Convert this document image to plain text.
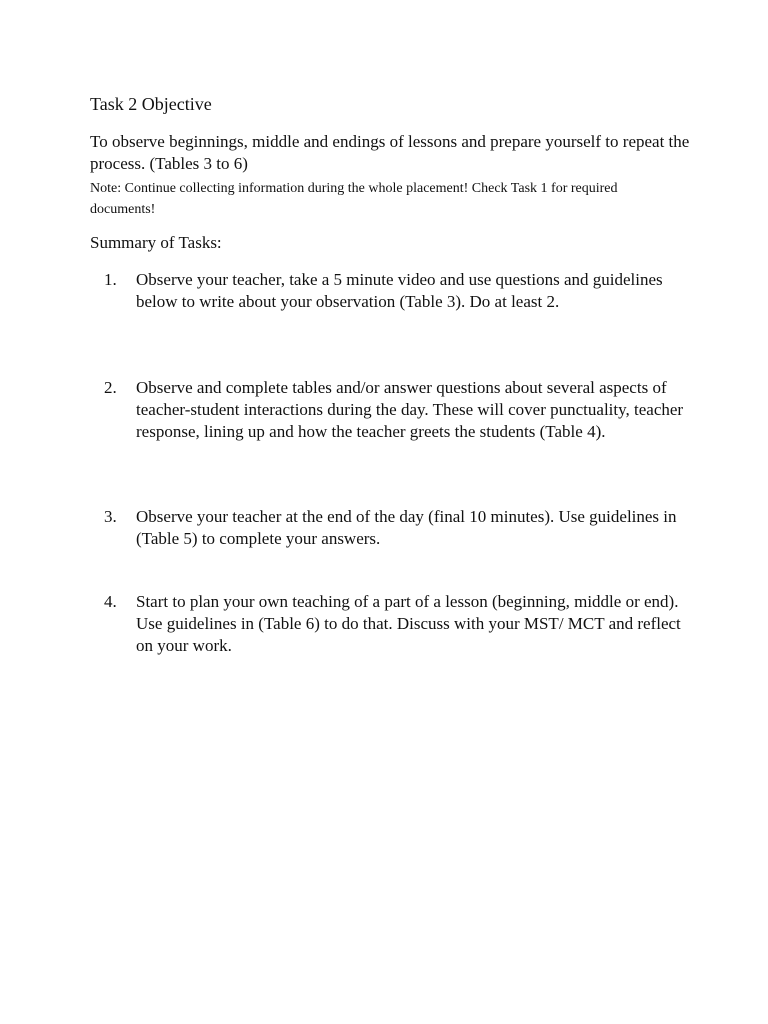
Task 2 Objective
To observe beginnings, middle and endings of lessons and prepare yourself to repeat the process. (Tables 3 to 6)
Note: Continue collecting information during the whole placement! Check Task 1 for required documents!
Summary of Tasks:
1. Observe your teacher, take a 5 minute video and use questions and guidelines below to write about your observation (Table 3). Do at least 2.
2. Observe and complete tables and/or answer questions about several aspects of teacher-student interactions during the day. These will cover punctuality, teacher response, lining up and how the teacher greets the students (Table 4).
3. Observe your teacher at the end of the day (final 10 minutes). Use guidelines in (Table 5) to complete your answers.
4. Start to plan your own teaching of a part of a lesson (beginning, middle or end). Use guidelines in (Table 6) to do that. Discuss with your MST/ MCT and reflect on your work.
